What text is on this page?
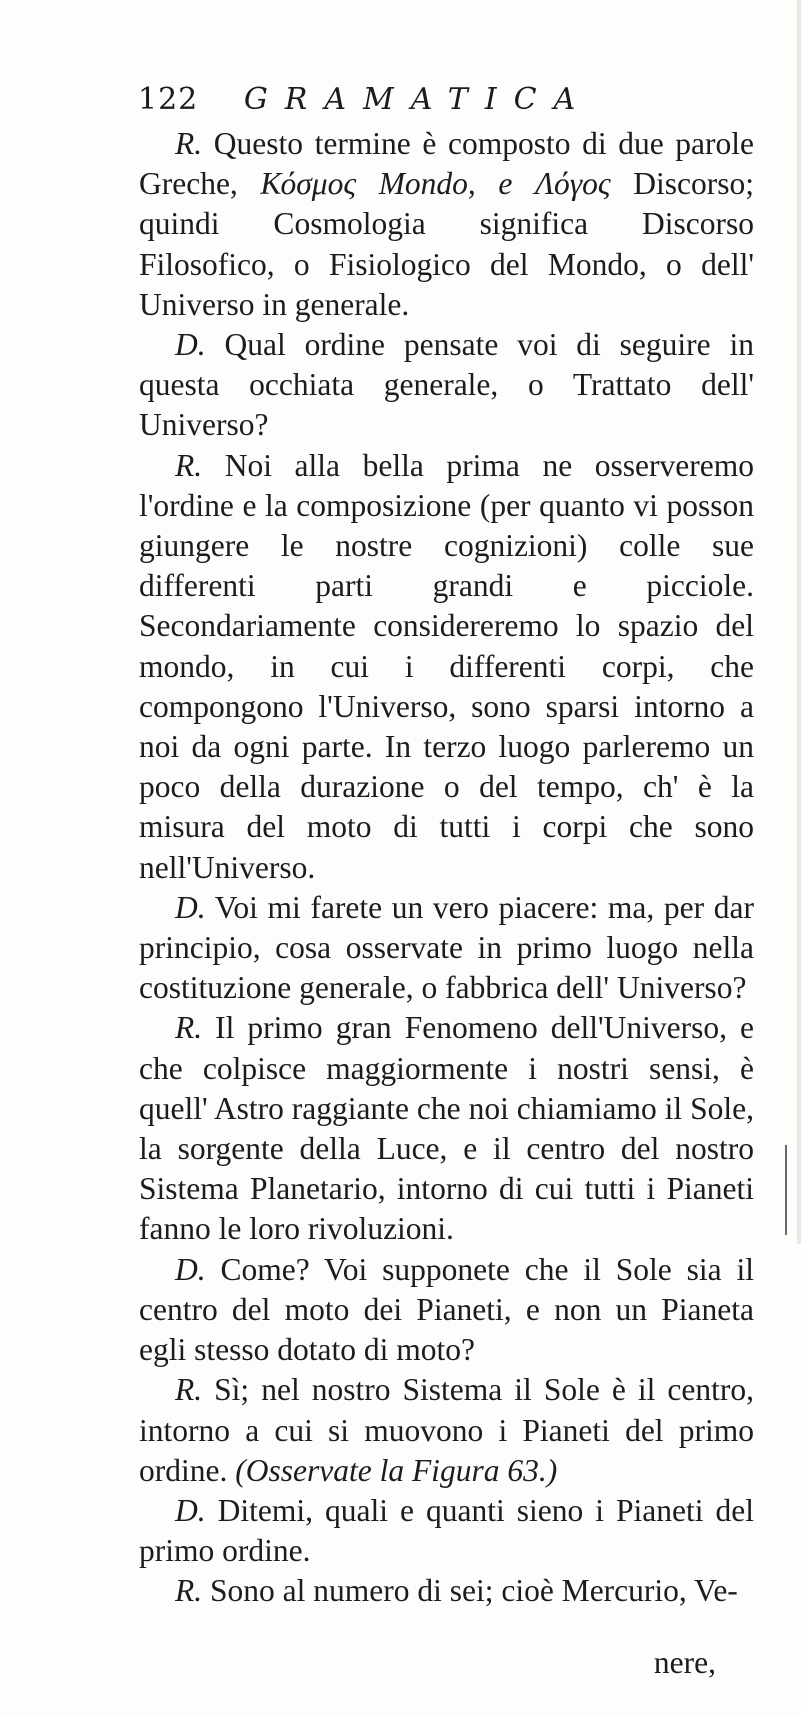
122 GRAMATICA

R. Questo termine è composto di due parole Greche, Κόσμος Mondo, e Λόγος Discorso; quindi Cosmologia significa Discorso Filosofico, o Fisiologico del Mondo, o dell' Universo in generale.

D. Qual ordine pensate voi di seguire in questa occhiata generale, o Trattato dell' Universo?

R. Noi alla bella prima ne osserveremo l'ordine e la composizione (per quanto vi posson giungere le nostre cognizioni) colle sue differenti parti grandi e picciole. Secondariamente considereremo lo spazio del mondo, in cui i differenti corpi, che compongono l'Universo, sono sparsi intorno a noi da ogni parte. In terzo luogo parleremo un poco della durazione o del tempo, ch' è la misura del moto di tutti i corpi che sono nell'Universo.

D. Voi mi farete un vero piacere: ma, per dar principio, cosa osservate in primo luogo nella costituzione generale, o fabbrica dell' Universo?

R. Il primo gran Fenomeno dell'Universo, e che colpisce maggiormente i nostri sensi, è quell' Astro raggiante che noi chiamiamo il Sole, la sorgente della Luce, e il centro del nostro Sistema Planetario, intorno di cui tutti i Pianeti fanno le loro rivoluzioni.

D. Come? Voi supponete che il Sole sia il centro del moto dei Pianeti, e non un Pianeta egli stesso dotato di moto?

R. Sì; nel nostro Sistema il Sole è il centro, intorno a cui si muovono i Pianeti del primo ordine. (Osservate la Figura 63.)

D. Ditemi, quali e quanti sieno i Pianeti del primo ordine.

R. Sono al numero di sei; cioè Mercurio, Ve-

nere,
